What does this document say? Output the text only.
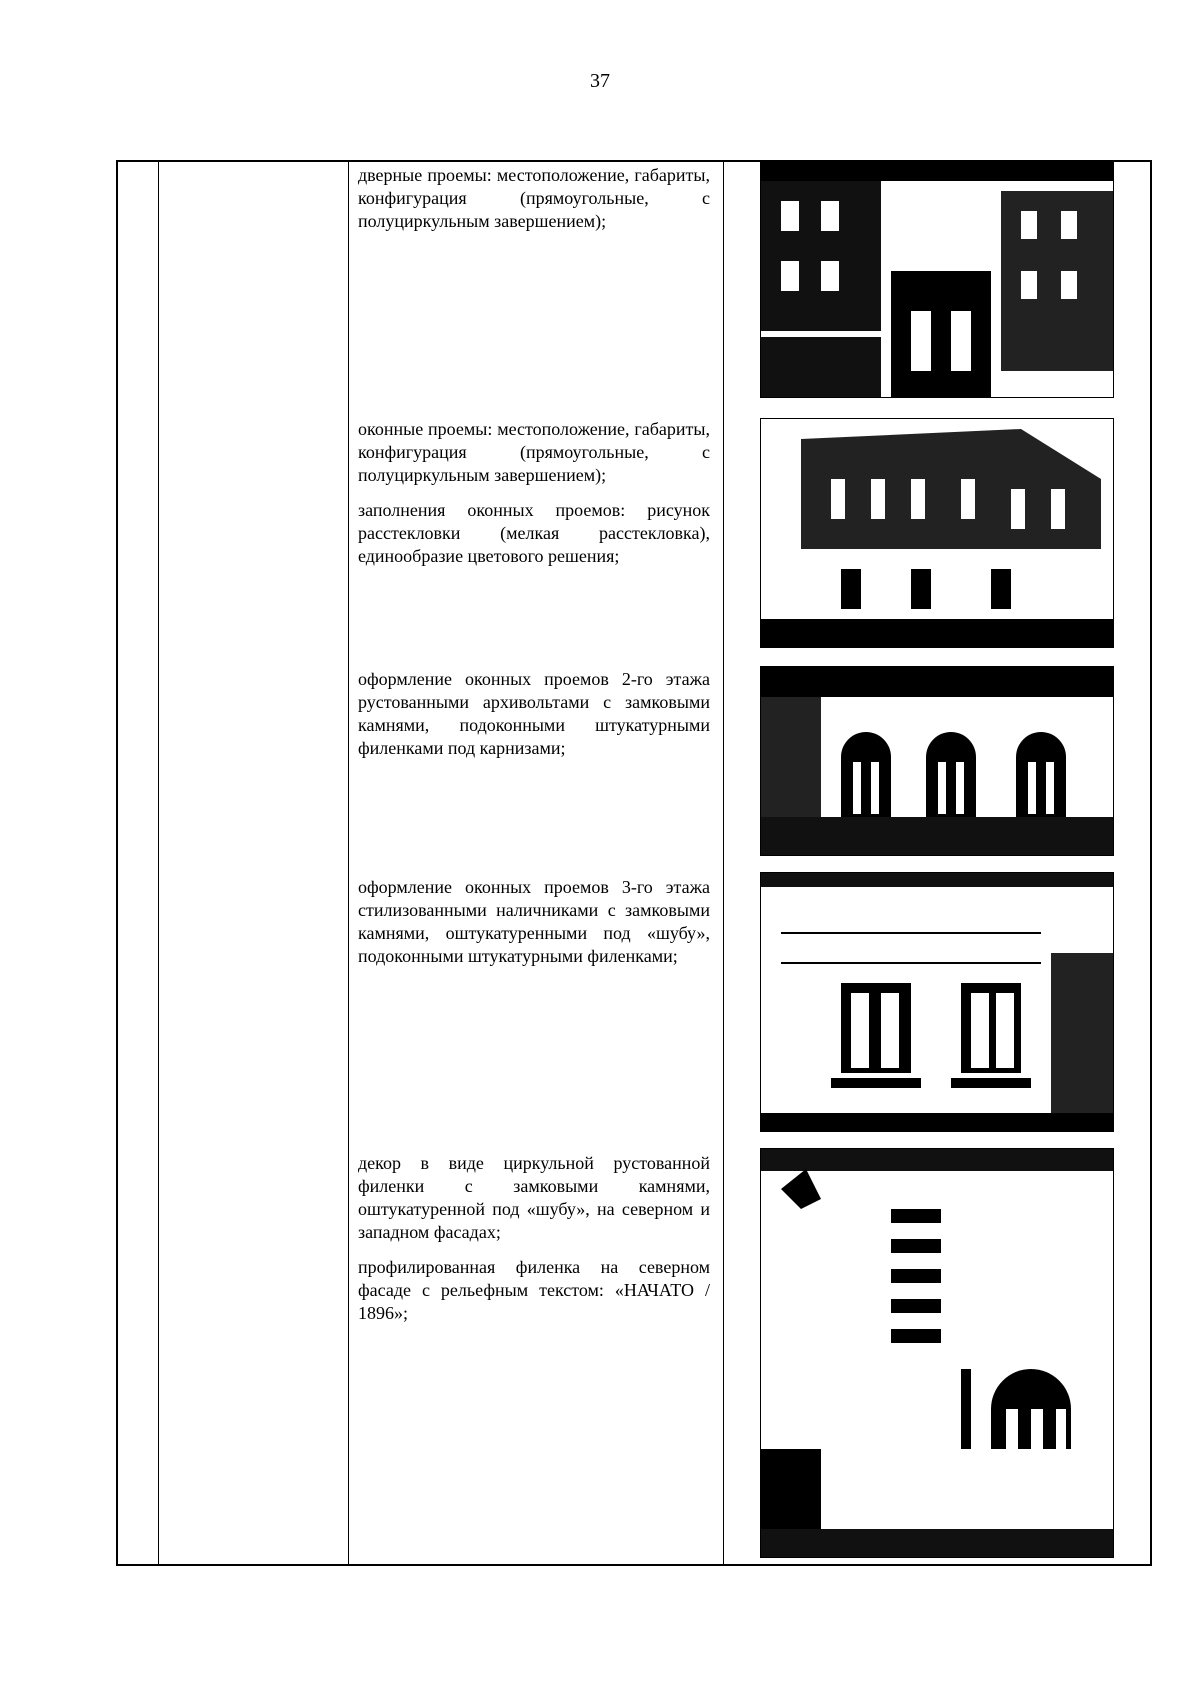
37

дверные проемы: местоположение, габариты, конфигурация (прямоугольные, с полуциркульным завершением);

оконные проемы: местоположение, габариты, конфигурация (прямоугольные, с полуциркульным завершением);

заполнения оконных проемов: рисунок расстекловки (мелкая расстекловка), единообразие цветового решения;

оформление оконных проемов 2-го этажа рустованными архивольтами с замковыми камнями, подоконными штукатурными филенками под карнизами;

оформление оконных проемов 3-го этажа стилизованными наличниками с замковыми камнями, оштукатуренными под «шубу», подоконными штукатурными филенками;

декор в виде циркульной рустованной филенки с замковыми камнями, оштукатуренной под «шубу», на северном и западном фасадах;

профилированная филенка на северном фасаде с рельефным текстом: «НАЧАТО / 1896»;
